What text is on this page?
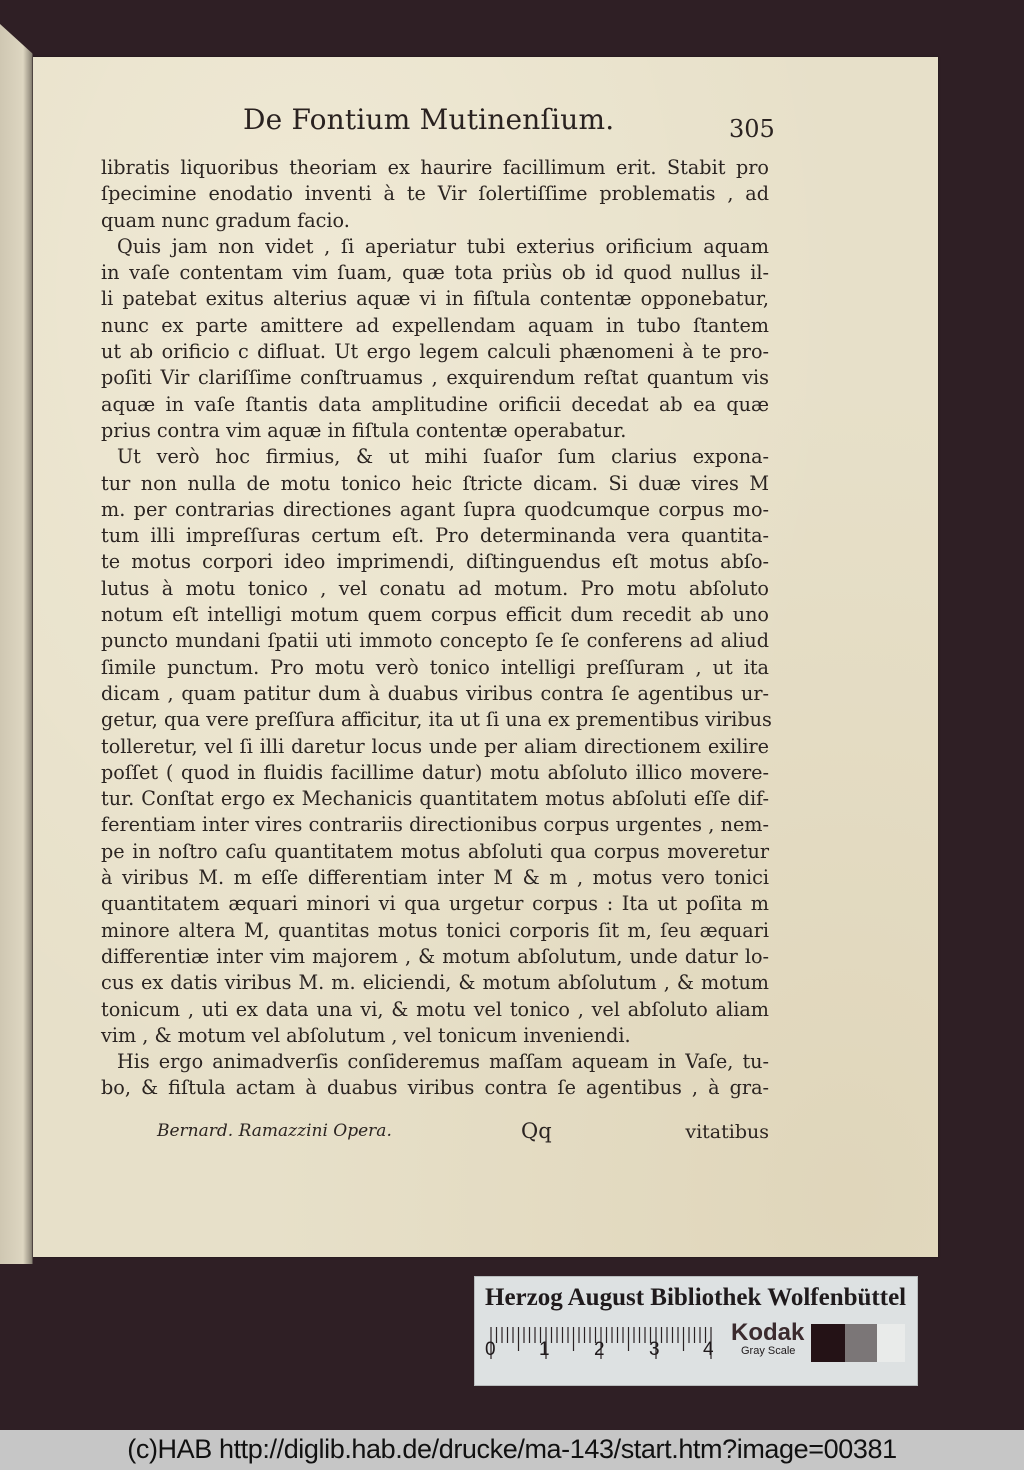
De Fontium Mutinenſium.	305
libratis liquoribus theoriam ex haurire facillimum erit. Stabit pro
ſpecimine enodatio inventi à te Vir ſolertiſſime problematis , ad
quam nunc gradum facio.
Quis jam non videt , ſi aperiatur tubi exterius orificium aquam
in vaſe contentam vim ſuam, quæ tota priùs ob id quod nullus il-
li patebat exitus alterius aquæ vi in fiſtula contentæ opponebatur,
nunc ex parte amittere ad expellendam aquam in tubo ſtantem
ut ab orificio c difluat. Ut ergo legem calculi phænomeni à te pro-
poſiti Vir clariſſime conſtruamus , exquirendum reſtat quantum vis
aquæ in vaſe ſtantis data amplitudine orificii decedat ab ea quæ
prius contra vim aquæ in fiſtula contentæ operabatur.
Ut verò hoc firmius, & ut mihi ſuaſor ſum clarius expona-
tur non nulla de motu tonico heic ſtricte dicam. Si duæ vires M
m. per contrarias directiones agant ſupra quodcumque corpus mo-
tum illi impreſſuras certum eſt. Pro determinanda vera quantita-
te motus corpori ideo imprimendi, diſtinguendus eſt motus abſo-
lutus à motu tonico , vel conatu ad motum. Pro motu abſoluto
notum eſt intelligi motum quem corpus efficit dum recedit ab uno
puncto mundani ſpatii uti immoto concepto ſe ſe conferens ad aliud
ſimile punctum. Pro motu verò tonico intelligi preſſuram , ut ita
dicam , quam patitur dum à duabus viribus contra ſe agentibus ur-
getur, qua vere preſſura afficitur, ita ut ſi una ex prementibus viribus
tolleretur, vel ſi illi daretur locus unde per aliam directionem exilire
poſſet ( quod in fluidis facillime datur) motu abſoluto illico movere-
tur. Conſtat ergo ex Mechanicis quantitatem motus abſoluti eſſe dif-
ferentiam inter vires contrariis directionibus corpus urgentes , nem-
pe in noſtro caſu quantitatem motus abſoluti qua corpus moveretur
à viribus M. m eſſe differentiam inter M & m , motus vero tonici
quantitatem æquari minori vi qua urgetur corpus : Ita ut poſita m
minore altera M, quantitas motus tonici corporis ſit m, ſeu æquari
differentiæ inter vim majorem , & motum abſolutum, unde datur lo-
cus ex datis viribus M. m. eliciendi, & motum abſolutum , & motum
tonicum , uti ex data una vi, & motu vel tonico , vel abſoluto aliam
vim , & motum vel abſolutum , vel tonicum inveniendi.
His ergo animadverſis conſideremus maſſam aqueam in Vaſe, tu-
bo, & fiſtula actam à duabus viribus contra ſe agentibus , à gra-
Bernard. Ramazzini Opera.	Qq	vitatibus
Herzog August Bibliothek Wolfenbüttel
0 1 2 3 4
Kodak
Gray Scale
(c)HAB http://diglib.hab.de/drucke/ma-143/start.htm?image=00381
